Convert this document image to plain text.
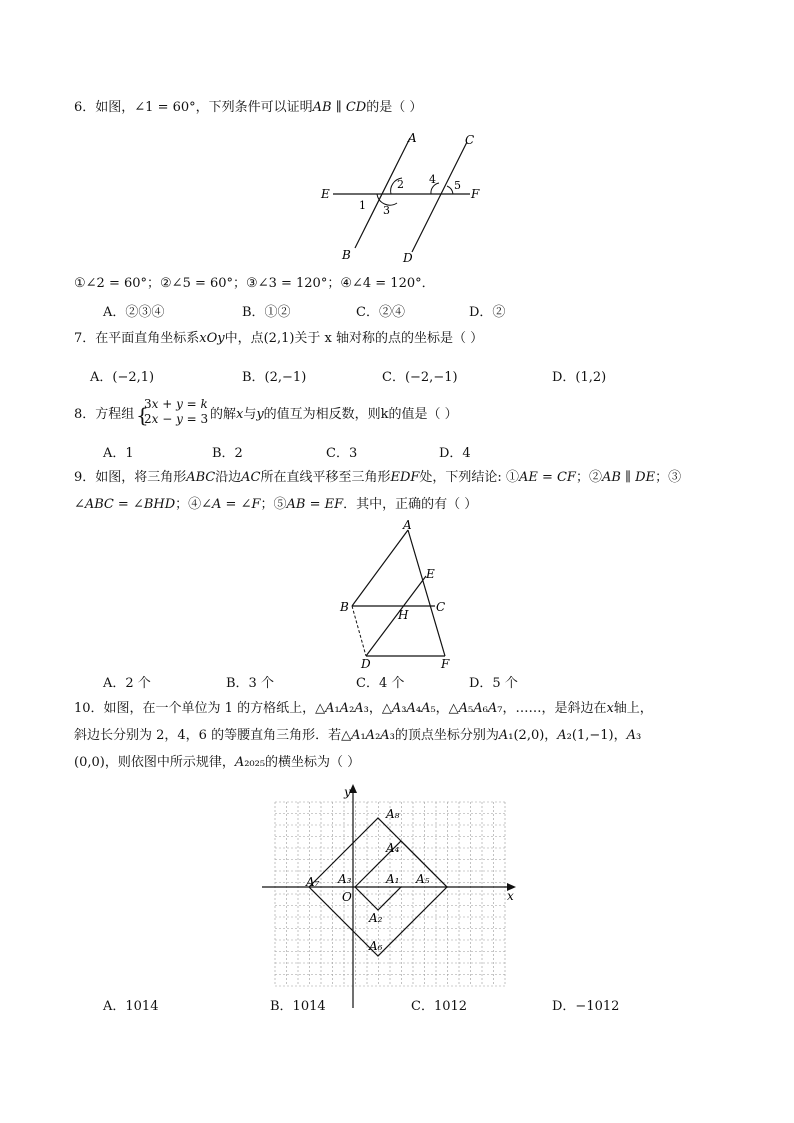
6．如图，∠1 = 60°，下列条件可以证明𝐴𝐵 ∥ 𝐶𝐷的是（ ）
A	C
E	F
1
2
3
4 5
B	D
①∠2 = 60°；②∠5 = 60°；③∠3 = 120°；④∠4 = 120°．
A．②③④	B．①②	C．②④	D．②
7．在平面直角坐标系𝑥𝑂𝑦中，点(2,1)关于 x 轴对称的点的坐标是（ ）
A．(−2,1)	B．(2,−1)	C．(−2,−1)	D．(1,2)
8．方程组 {
3𝑥 + 𝑦 = 𝑘
2𝑥 − 𝑦 = 3 的解𝑥与𝑦的值互为相反数，则k的值是（ ）
A．1	B．2	C．3	D．4
9．如图，将三角形𝐴𝐵𝐶沿边𝐴𝐶所在直线平移至三角形𝐸𝐷𝐹处，下列结论: ①𝐴𝐸 = 𝐶𝐹；②𝐴𝐵 ∥ 𝐷𝐸；③
∠𝐴𝐵𝐶 = ∠𝐵𝐻𝐷；④∠𝐴 = ∠𝐹；⑤𝐴𝐵 = 𝐸𝐹．其中，正确的有（ ）
A
E
B
H
C
D	F
A．2 个	B．3 个	C．4 个	D．5 个
10．如图，在一个单位为 1 的方格纸上，△𝐴₁𝐴₂𝐴₃，△𝐴₃𝐴₄𝐴₅，△𝐴₅𝐴₆𝐴₇，……，是斜边在𝑥轴上，
斜边长分别为 2，4，6 的等腰直角三角形．若△𝐴₁𝐴₂𝐴₃的顶点坐标分别为𝐴₁(2,0)，𝐴₂(1,−1)，𝐴₃
(0,0)，则依图中所示规律，𝐴₂₀₂₅的横坐标为（ ）
y
x
O
A₈
A₄
A₇ A₃	A₁ A₅
A₂
A₆
A．1014	B．1014	C．1012	D．−1012
